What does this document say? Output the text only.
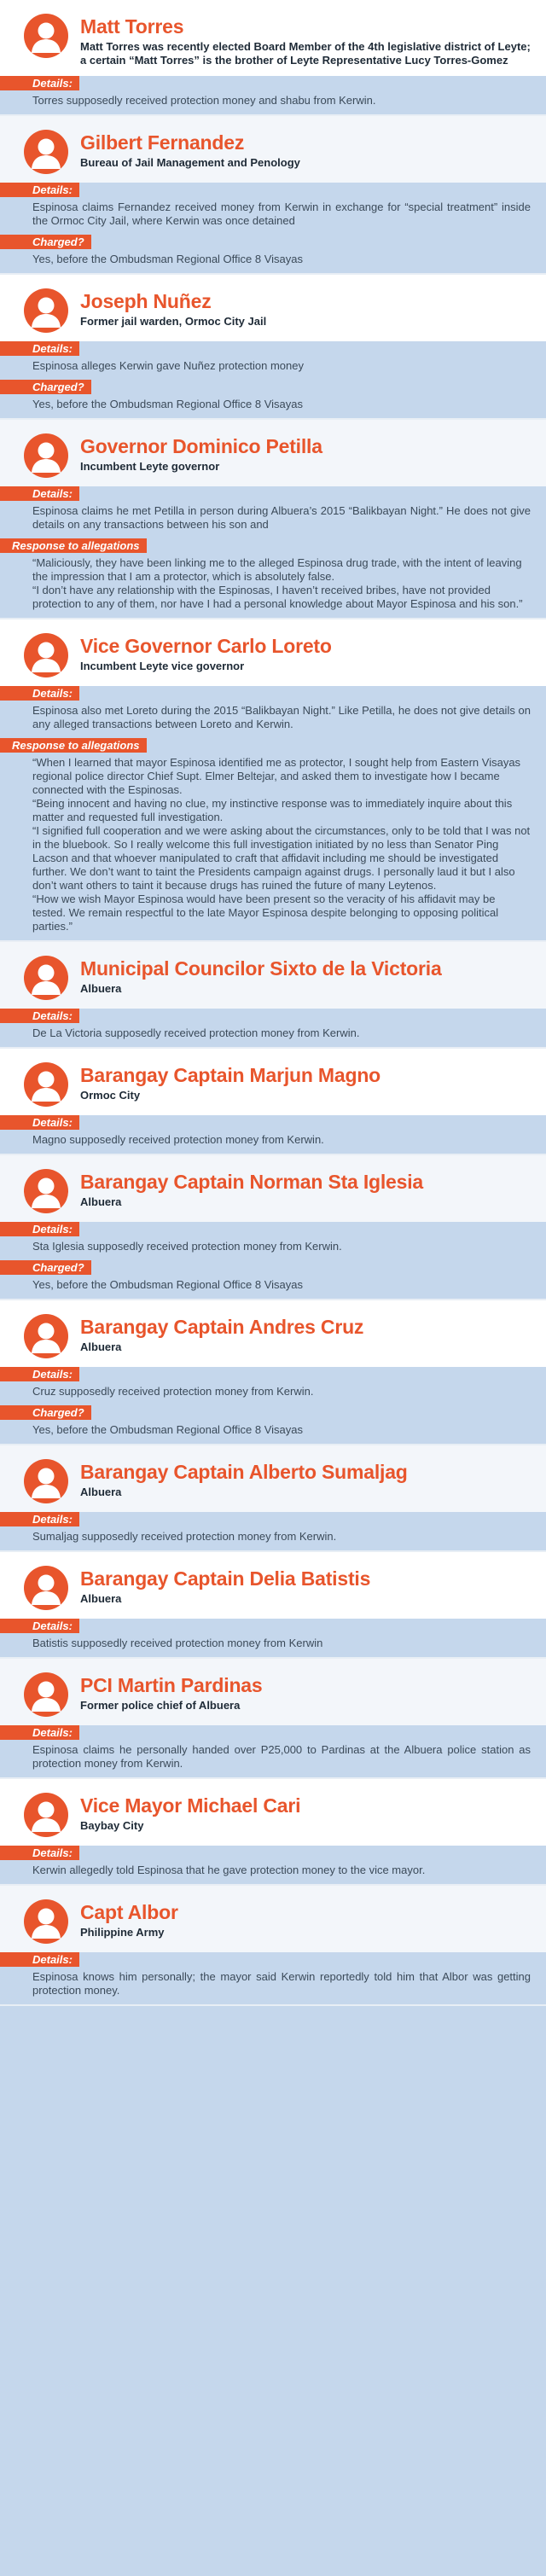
Matt Torres
Matt Torres was recently elected Board Member of the 4th legislative district of Leyte; a certain “Matt Torres” is the brother of Leyte Representative Lucy Torres-Gomez
Details:
Torres supposedly received protection money and shabu from Kerwin.
Gilbert Fernandez
Bureau of Jail Management and Penology
Details:
Espinosa claims Fernandez received money from Kerwin in exchange for “special treatment” inside the Ormoc City Jail, where Kerwin was once detained
Charged?
Yes, before the Ombudsman Regional Office 8 Visayas
Joseph Nuñez
Former jail warden, Ormoc City Jail
Details:
Espinosa alleges Kerwin gave Nuñez protection money
Charged?
Yes, before the Ombudsman Regional Office 8 Visayas
Governor Dominico Petilla
Incumbent Leyte governor
Details:
Espinosa claims he met Petilla in person during Albuera’s 2015 “Balikbayan Night.” He does not give details on any transactions between his son and
Response to allegations
“Maliciously, they have been linking me to the alleged Espinosa drug trade, with the intent of leaving the impression that I am a protector, which is absolutely false.
“I don’t have any relationship with the Espinosas, I haven’t received bribes, have not provided protection to any of them, nor have I had a personal knowledge about Mayor Espinosa and his son.”
Vice Governor Carlo Loreto
Incumbent Leyte vice governor
Details:
Espinosa also met Loreto during the 2015 “Balikbayan Night.” Like Petilla, he does not give details on any alleged transactions between Loreto and Kerwin.
Response to allegations
“When I learned that mayor Espinosa identified me as protector, I sought help from Eastern Visayas regional police director Chief Supt. Elmer Beltejar, and asked them to investigate how I became connected with the Espinosas.
“Being innocent and having no clue, my instinctive response was to immediately inquire about this matter and requested full investigation.
“I signified full cooperation and we were asking about the circumstances, only to be told that I was not in the bluebook. So I really welcome this full investigation initiated by no less than Senator Ping Lacson and that whoever manipulated to craft that affidavit including me should be investigated further. We don’t want to taint the Presidents campaign against drugs. I personally laud it but I also don’t want others to taint it because drugs has ruined the future of many Leytenos.
“How we wish Mayor Espinosa would have been present so the veracity of his affidavit may be tested. We remain respectful to the late Mayor Espinosa despite belonging to opposing political parties.”
Municipal Councilor Sixto de la Victoria
Albuera
Details:
De La Victoria supposedly received protection money from Kerwin.
Barangay Captain Marjun Magno
Ormoc City
Details:
Magno supposedly received protection money from Kerwin.
Barangay Captain Norman Sta Iglesia
Albuera
Details:
Sta Iglesia supposedly received protection money from Kerwin.
Charged?
Yes, before the Ombudsman Regional Office 8 Visayas
Barangay Captain Andres Cruz
Albuera
Details:
Cruz supposedly received protection money from Kerwin.
Charged?
Yes, before the Ombudsman Regional Office 8 Visayas
Barangay Captain Alberto Sumaljag
Albuera
Details:
Sumaljag supposedly received protection money from Kerwin.
Barangay Captain Delia Batistis
Albuera
Details:
Batistis supposedly received protection money from Kerwin
PCI Martin Pardinas
Former police chief of Albuera
Details:
Espinosa claims he personally handed over P25,000 to Pardinas at the Albuera police station as protection money from Kerwin.
Vice Mayor Michael Cari
Baybay City
Details:
Kerwin allegedly told Espinosa that he gave protection money to the vice mayor.
Capt Albor
Philippine Army
Details:
Espinosa knows him personally; the mayor said Kerwin reportedly told him that Albor was getting protection money.
